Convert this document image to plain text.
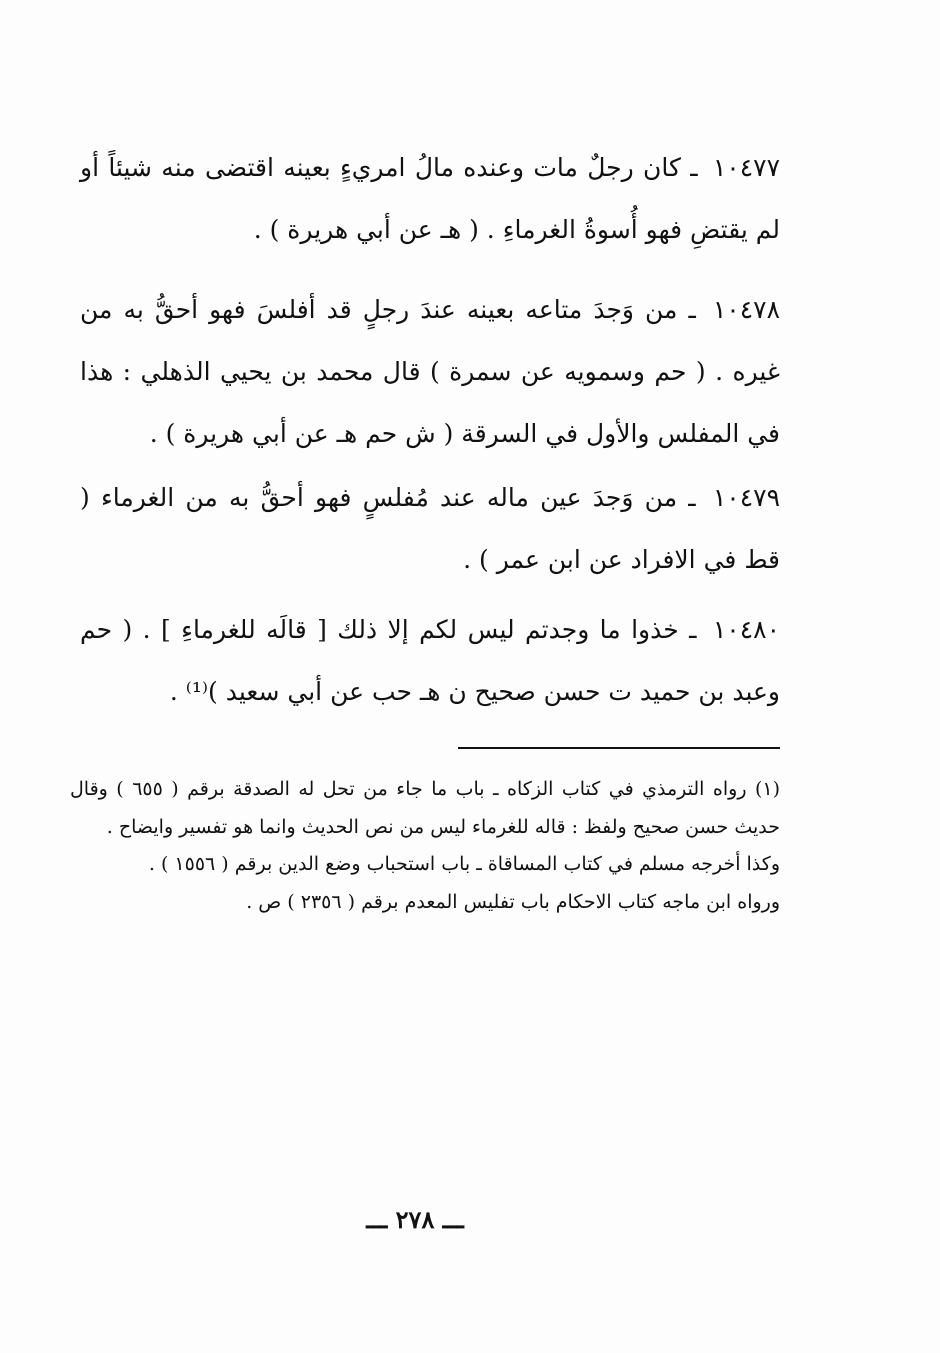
١٠٤٧٧ ـ كان رجلٌ مات وعنده مالُ امريءٍ بعينه اقتضى منه شيئاً أو لم يقتضِ فهو أُسوةُ الغرماءِ . ( هـ عن أبي هريرة ) .
١٠٤٧٨ ـ من وَجدَ متاعه بعينه عندَ رجلٍ قد أفلسَ فهو أحقُّ به من غيره . ( حم وسمويه عن سمرة ) قال محمد بن يحيي الذهلي : هذا في المفلس والأول في السرقة ( ش حم هـ عن أبي هريرة ) .
١٠٤٧٩ ـ من وَجدَ عين ماله عند مُفلسٍ فهو أحقُّ به من الغرماء ( قط في الافراد عن ابن عمر ) .
١٠٤٨٠ ـ خذوا ما وجدتم ليس لكم إلا ذلك [ قالَه للغرماءِ ] . ( حم وعبد بن حميد ت حسن صحيح ن هـ حب عن أبي سعيد )⁽¹⁾ .

(١) رواه الترمذي في كتاب الزكاه ـ باب ما جاء من تحل له الصدقة برقم ( ٦٥٥ ) وقال حديث حسن صحيح ولفظ : قاله للغرماء ليس من نص الحديث وانما هو تفسير وايضاح .

وكذا أخرجه مسلم في كتاب المساقاة ـ باب استحباب وضع الدين برقم ( ١٥٥٦ ) .

ورواه ابن ماجه كتاب الاحكام باب تفليس المعدم برقم ( ٢٣٥٦ ) ص .

ـــ ٢٧٨ ـــ
